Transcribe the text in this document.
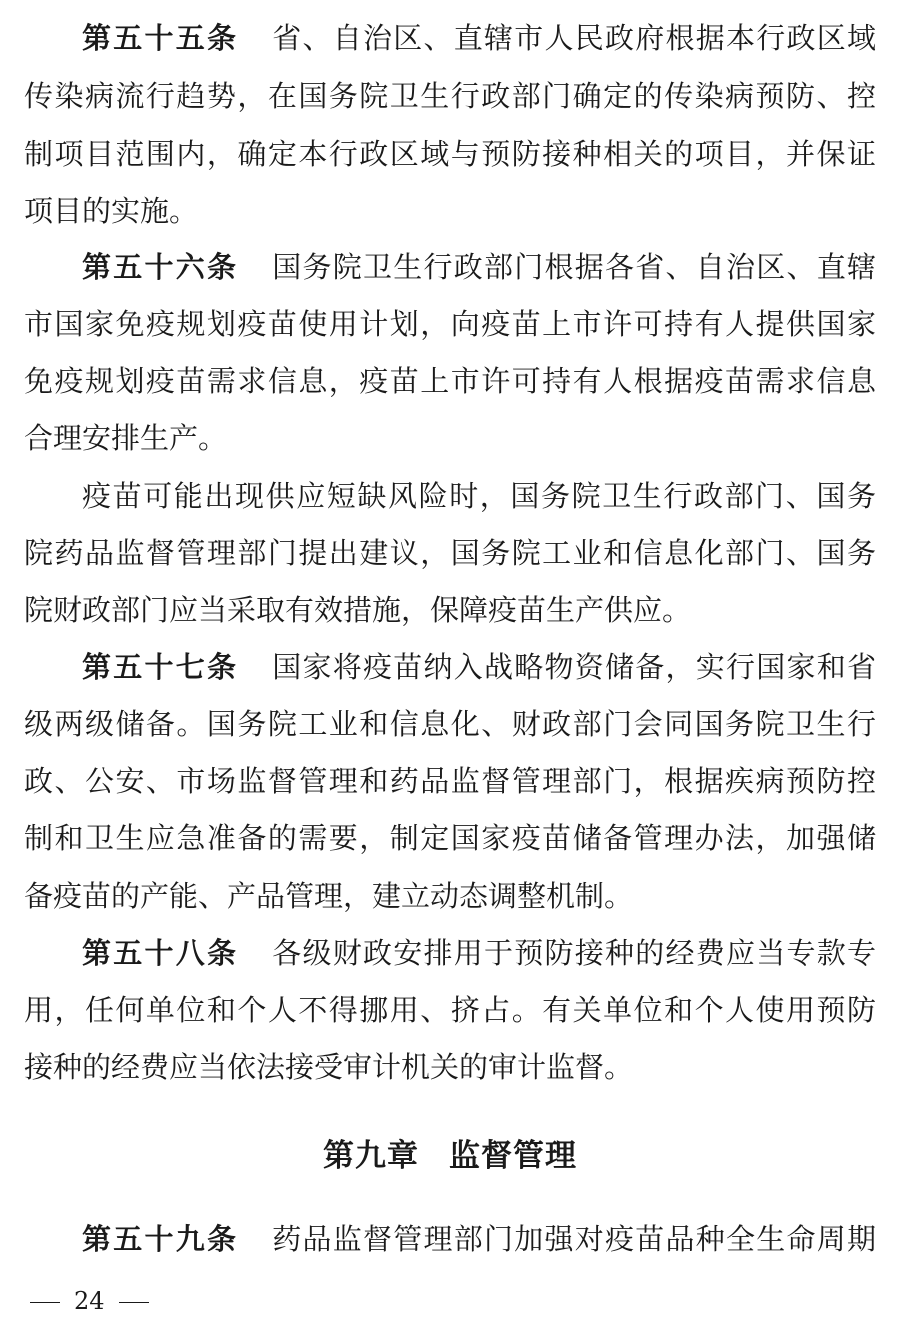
第五十五条 省、自治区、直辖市人民政府根据本行政区域
传染病流行趋势，在国务院卫生行政部门确定的传染病预防、控
制项目范围内，确定本行政区域与预防接种相关的项目，并保证
项目的实施。
第五十六条 国务院卫生行政部门根据各省、自治区、直辖
市国家免疫规划疫苗使用计划，向疫苗上市许可持有人提供国家
免疫规划疫苗需求信息，疫苗上市许可持有人根据疫苗需求信息
合理安排生产。
疫苗可能出现供应短缺风险时，国务院卫生行政部门、国务
院药品监督管理部门提出建议，国务院工业和信息化部门、国务
院财政部门应当采取有效措施，保障疫苗生产供应。
第五十七条 国家将疫苗纳入战略物资储备，实行国家和省
级两级储备。国务院工业和信息化、财政部门会同国务院卫生行
政、公安、市场监督管理和药品监督管理部门，根据疾病预防控
制和卫生应急准备的需要，制定国家疫苗储备管理办法，加强储
备疫苗的产能、产品管理，建立动态调整机制。
第五十八条 各级财政安排用于预防接种的经费应当专款专
用，任何单位和个人不得挪用、挤占。有关单位和个人使用预防
接种的经费应当依法接受审计机关的审计监督。
第九章 监督管理
第五十九条 药品监督管理部门加强对疫苗品种全生命周期
24
